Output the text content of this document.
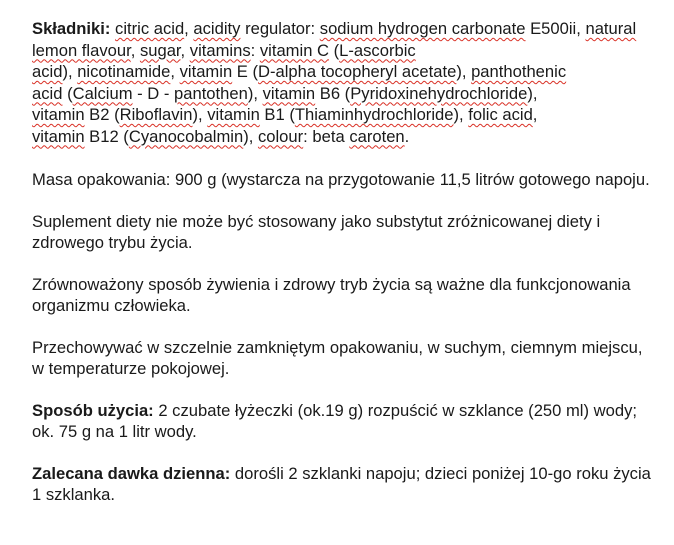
Składniki: citric acid, acidity regulator: sodium hydrogen carbonate E500ii, natural lemon flavour, sugar, vitamins: vitamin C (L-ascorbic
acid), nicotinamide, vitamin E (D-alpha tocopheryl acetate), panthothenic
acid (Calcium - D - pantothen), vitamin B6 (Pyridoxinehydrochloride),
vitamin B2 (Riboflavin), vitamin B1 (Thiaminhydrochloride), folic acid,
vitamin B12 (Cyanocobalmin), colour: beta caroten.

Masa opakowania: 900 g (wystarcza na przygotowanie 11,5 litrów gotowego napoju.

Suplement diety nie może być stosowany jako substytut zróżnicowanej diety i zdrowego trybu życia.

Zrównoważony sposób żywienia i zdrowy tryb życia są ważne dla funkcjonowania organizmu człowieka.

Przechowywać w szczelnie zamkniętym opakowaniu, w suchym, ciemnym miejscu, w temperaturze pokojowej.

Sposób użycia: 2 czubate łyżeczki (ok.19 g) rozpuścić w szklance (250 ml) wody; ok. 75 g na 1 litr wody.

Zalecana dawka dzienna: dorośli 2 szklanki napoju; dzieci poniżej 10-go roku życia 1 szklanka.
